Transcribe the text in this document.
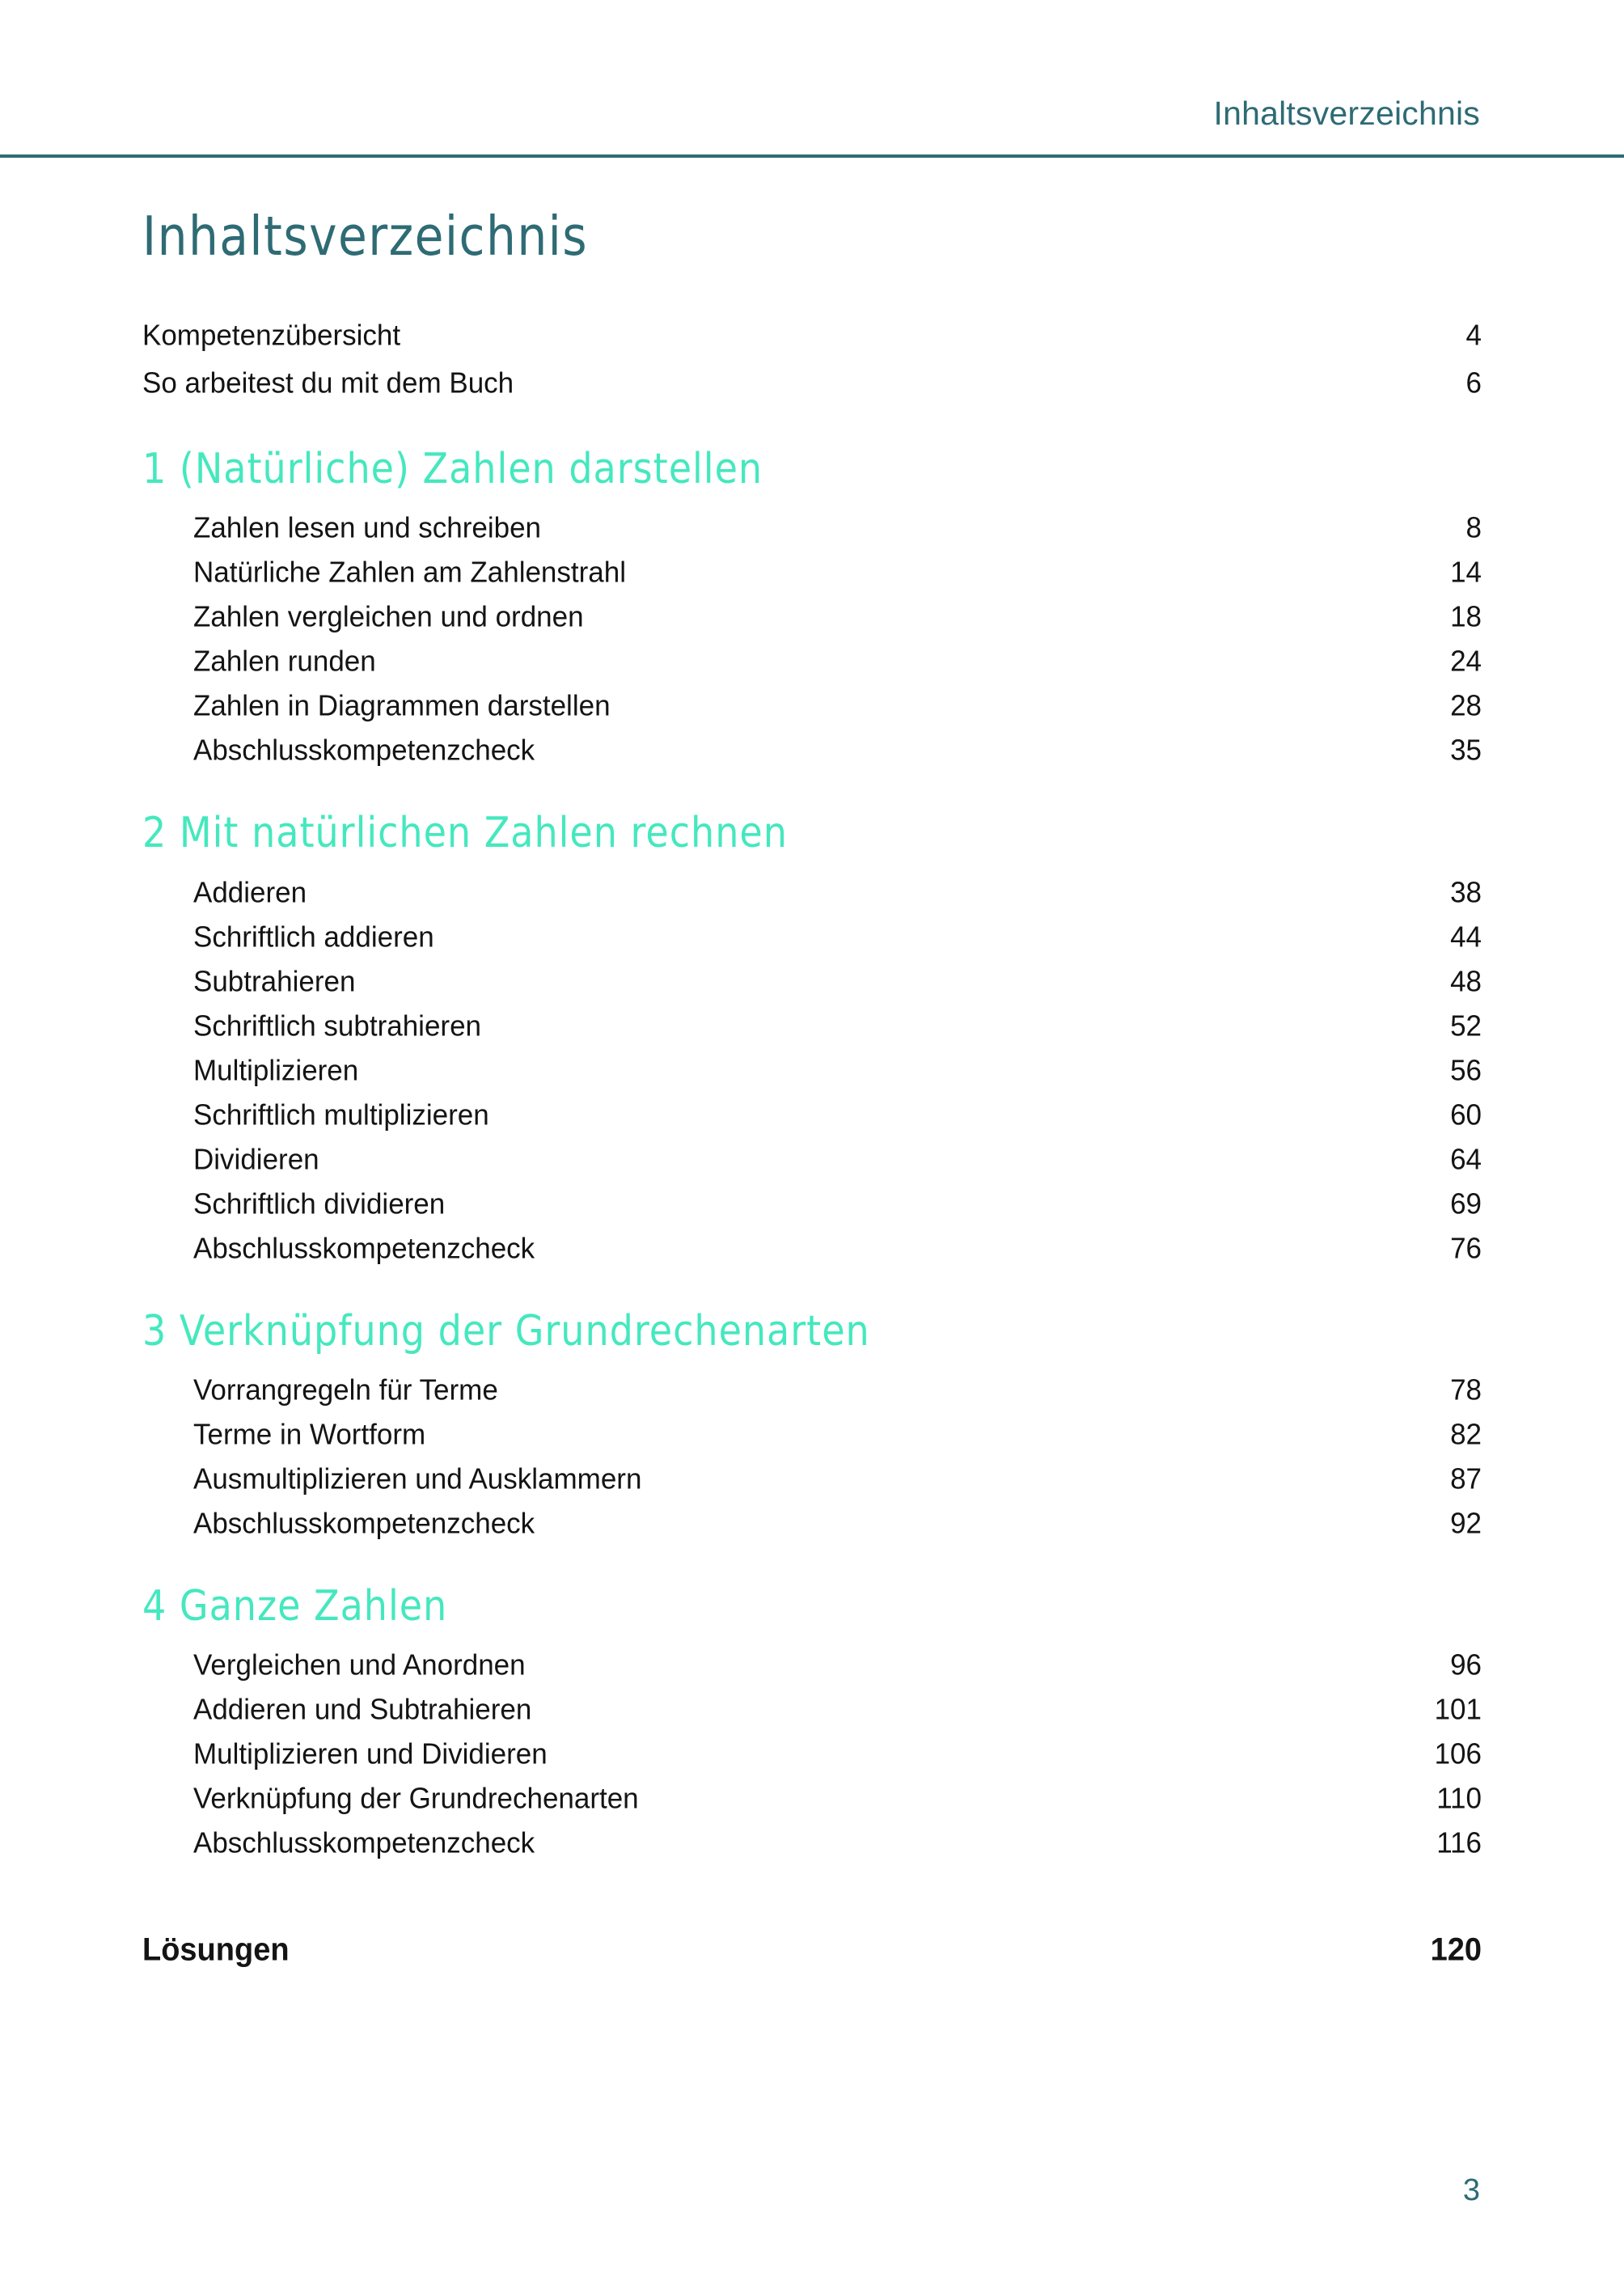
Inhaltsverzeichnis
Inhaltsverzeichnis
Kompetenzübersicht	4
So arbeitest du mit dem Buch	6
1 (Natürliche) Zahlen darstellen
Zahlen lesen und schreiben	8
Natürliche Zahlen am Zahlenstrahl	14
Zahlen vergleichen und ordnen	18
Zahlen runden	24
Zahlen in Diagrammen darstellen	28
Abschlusskompetenzcheck	35
2 Mit natürlichen Zahlen rechnen
Addieren	38
Schriftlich addieren	44
Subtrahieren	48
Schriftlich subtrahieren	52
Multiplizieren	56
Schriftlich multiplizieren	60
Dividieren	64
Schriftlich dividieren	69
Abschlusskompetenzcheck	76
3 Verknüpfung der Grundrechenarten
Vorrangregeln für Terme	78
Terme in Wortform	82
Ausmultiplizieren und Ausklammern	87
Abschlusskompetenzcheck	92
4 Ganze Zahlen
Vergleichen und Anordnen	96
Addieren und Subtrahieren	101
Multiplizieren und Dividieren	106
Verknüpfung der Grundrechenarten	110
Abschlusskompetenzcheck	116
Lösungen	120
3
